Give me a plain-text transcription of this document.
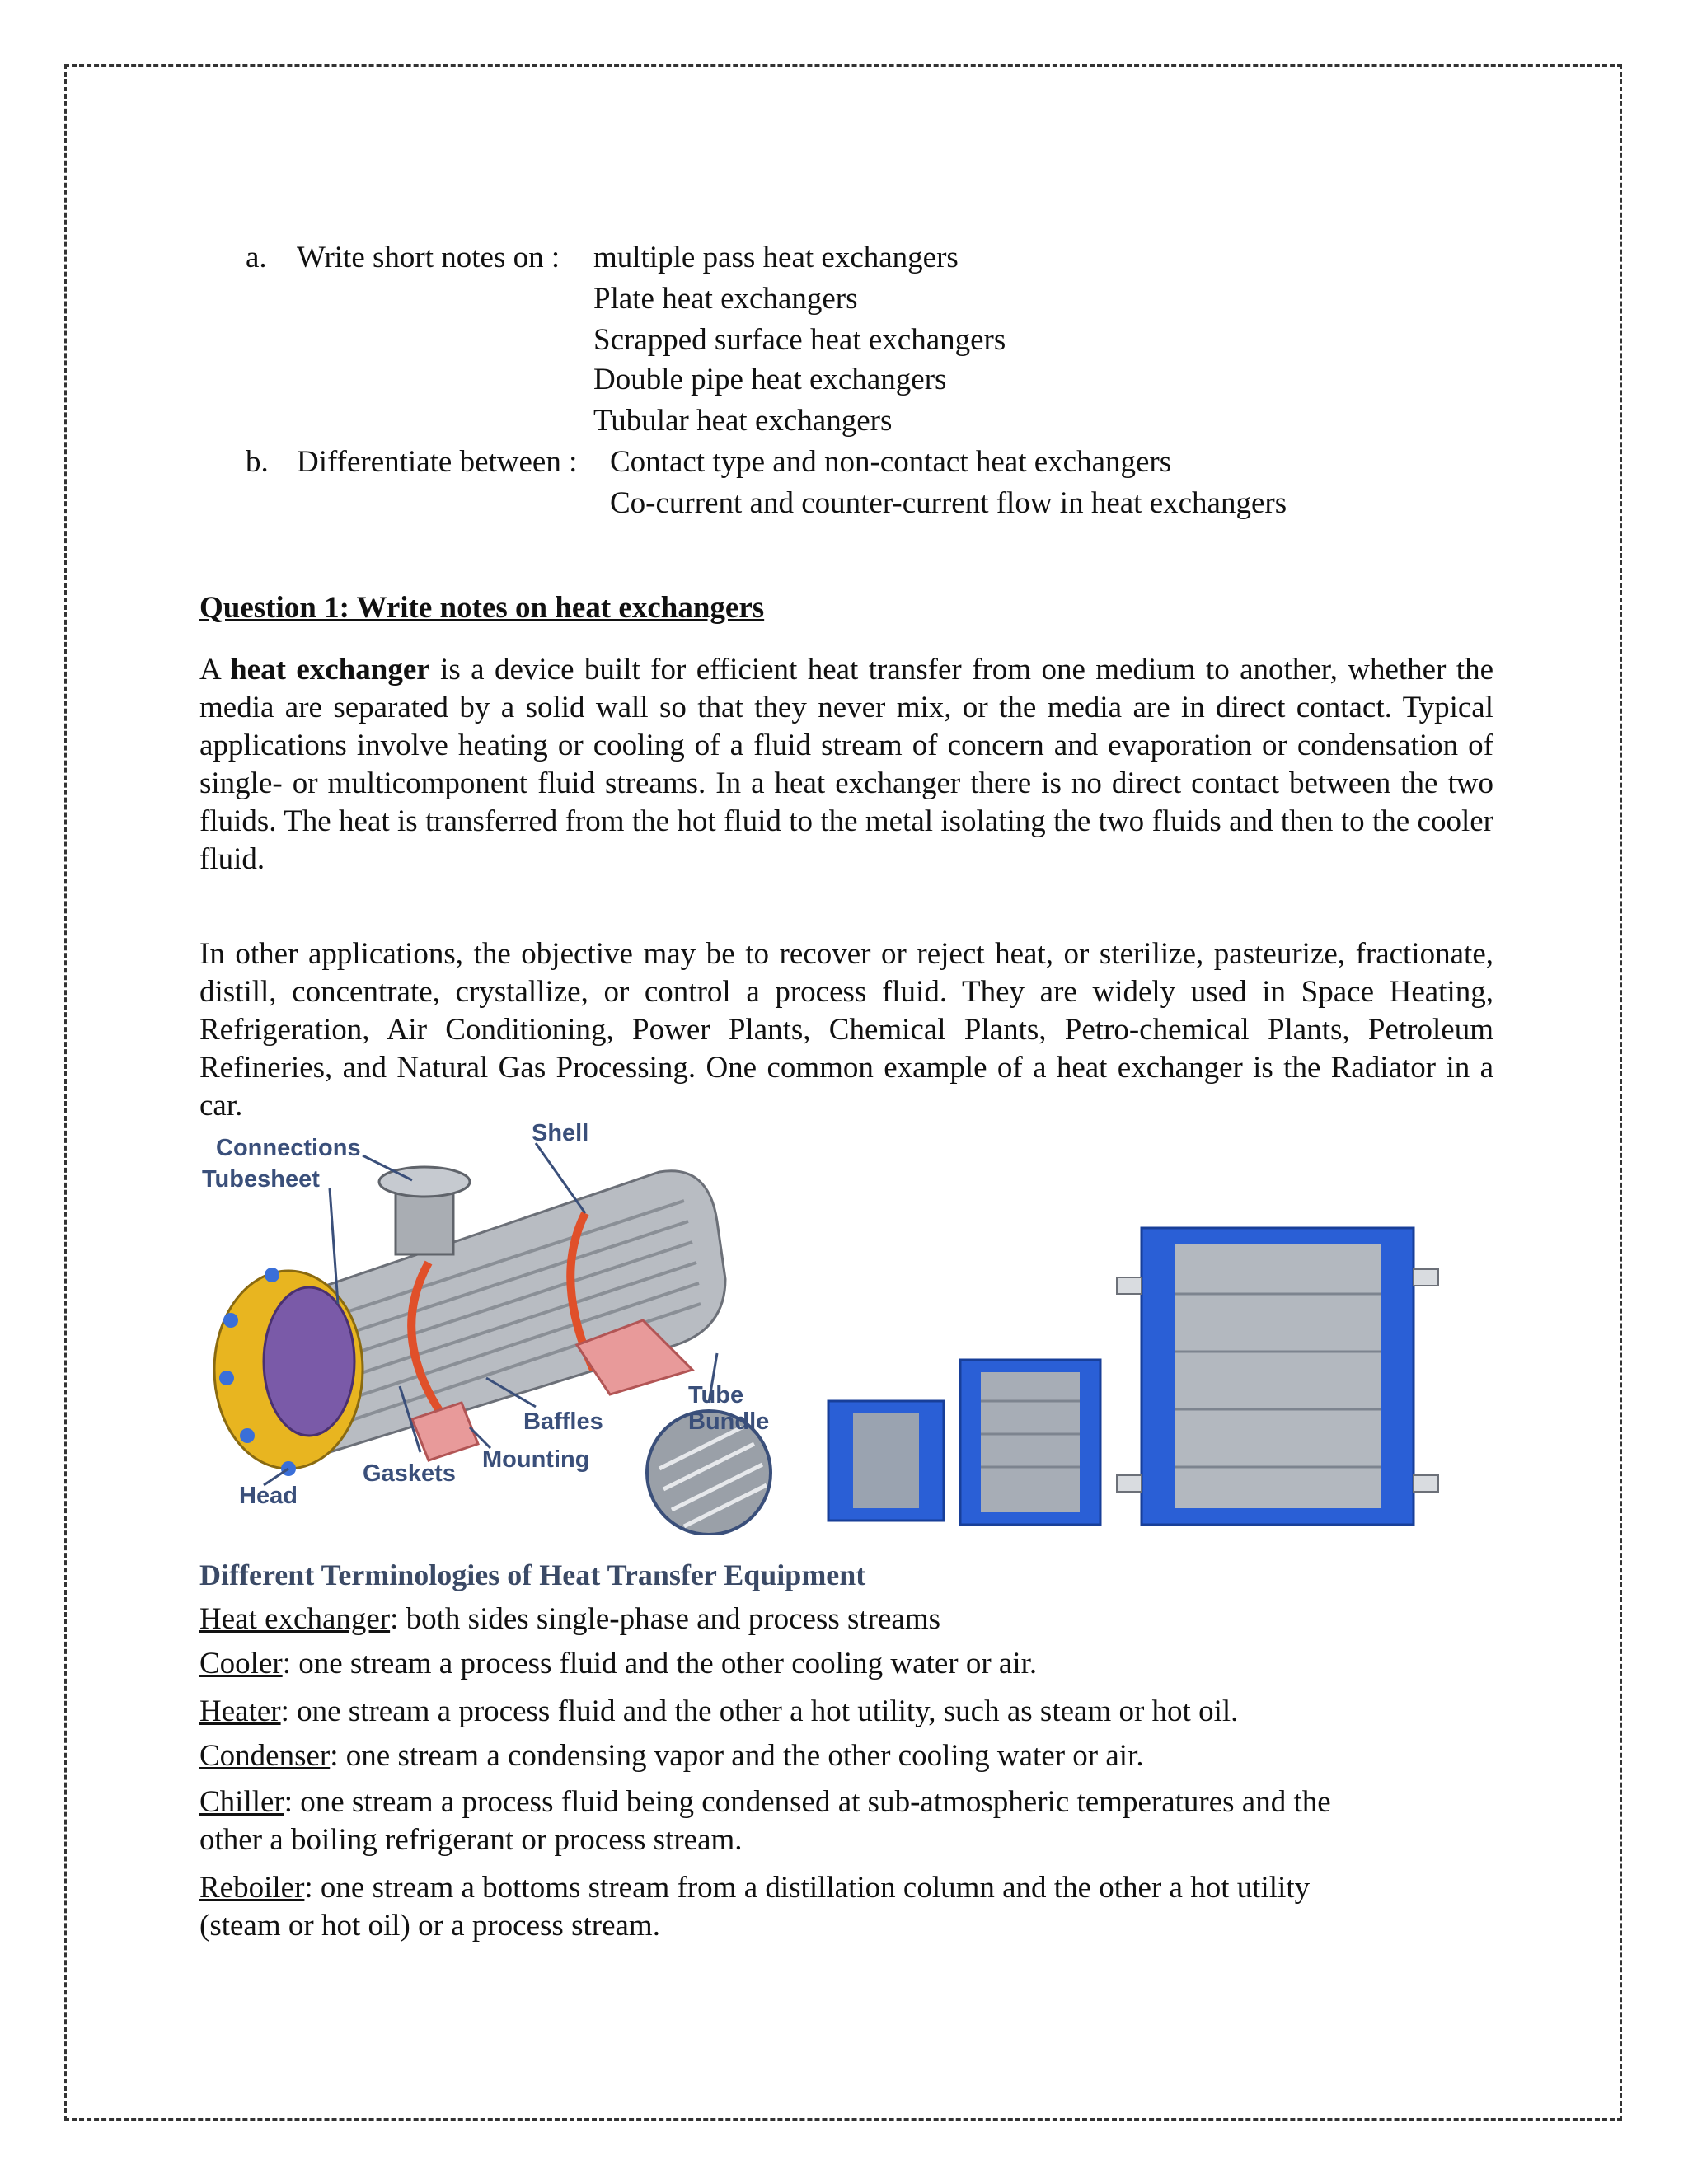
a. Write short notes on : multiple pass heat exchangers
Plate heat exchangers
Scrapped surface heat exchangers
Double pipe heat exchangers
Tubular heat exchangers
b. Differentiate between : Contact type and non-contact heat exchangers
Co-current and counter-current flow in heat exchangers
Question 1: Write notes on heat exchangers

A heat exchanger is a device built for efficient heat transfer from one medium to another, whether the media are separated by a solid wall so that they never mix, or the media are in direct contact. Typical applications involve heating or cooling of a fluid stream of concern and evaporation or condensation of single- or multicomponent fluid streams. In a heat exchanger there is no direct contact between the two fluids. The heat is transferred from the hot fluid to the metal isolating the two fluids and then to the cooler fluid.

In other applications, the objective may be to recover or reject heat, or sterilize, pasteurize, fractionate, distill, concentrate, crystallize, or control a process fluid. They are widely used in Space Heating, Refrigeration, Air Conditioning, Power Plants, Chemical Plants, Petro-chemical Plants, Petroleum Refineries, and Natural Gas Processing. One common example of a heat exchanger is the Radiator in a car.

Connections
Tubesheet
Shell
Tube
Bundle
Baffles
Mounting
Gaskets
Head
Different Terminologies of Heat Transfer Equipment
Heat exchanger: both sides single-phase and process streams
Cooler: one stream a process fluid and the other cooling water or air.
Heater: one stream a process fluid and the other a hot utility, such as steam or hot oil.
Condenser: one stream a condensing vapor and the other cooling water or air.
Chiller: one stream a process fluid being condensed at sub-atmospheric temperatures and the
other a boiling refrigerant or process stream.
Reboiler: one stream a bottoms stream from a distillation column and the other a hot utility
(steam or hot oil) or a process stream.
